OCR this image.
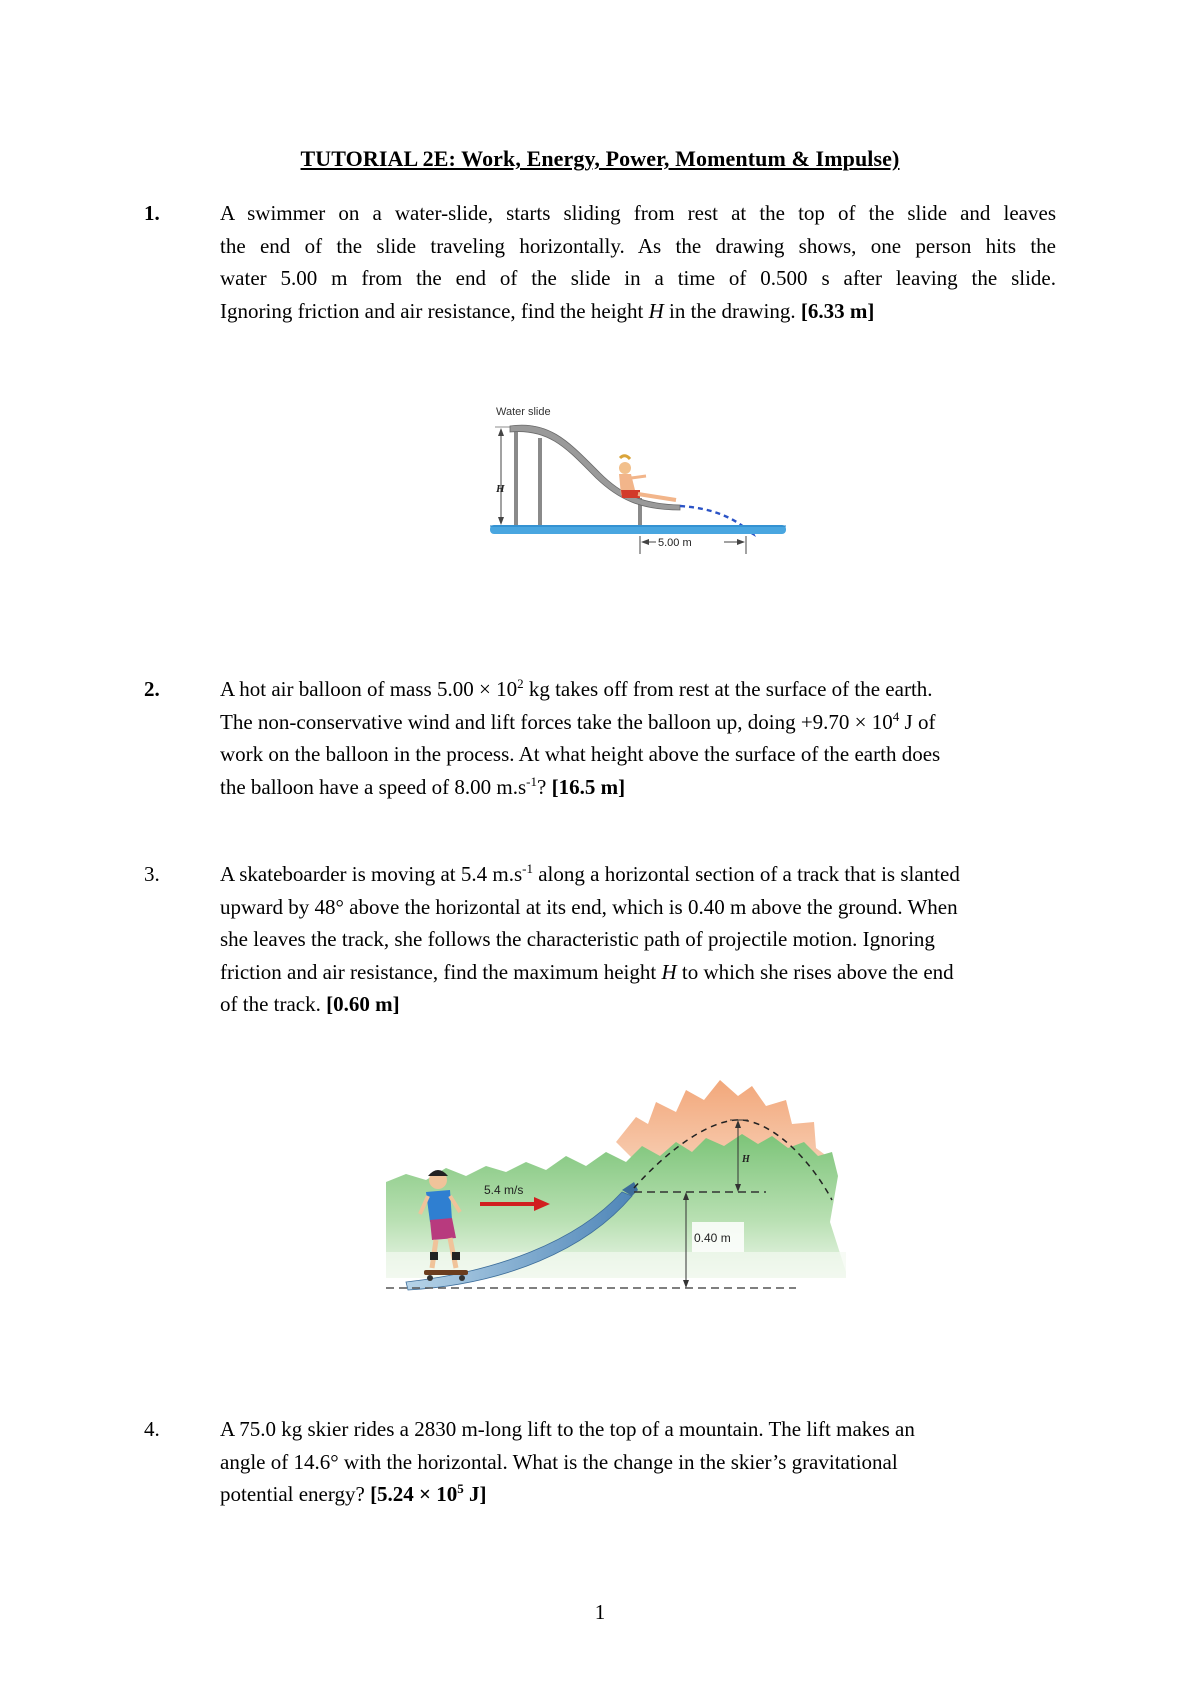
TUTORIAL 2E: Work, Energy, Power, Momentum & Impulse)
1.	A swimmer on a water-slide, starts sliding from rest at the top of the slide and leaves
the end of the slide traveling horizontally. As the drawing shows, one person hits the
water 5.00 m from the end of the slide in a time of 0.500 s after leaving the slide.
Ignoring friction and air resistance, find the height H in the drawing. [6.33 m]
Water slide
H
5.00 m
2.	A hot air balloon of mass $5.00 \times 10^2$ kg takes off from rest at the surface of the earth.
The non-conservative wind and lift forces take the balloon up, doing $+9.70 \times 10^4$ J of
work on the balloon in the process. At what height above the surface of the earth does
the balloon have a speed of 8.00 $m.s^{-1}$? [16.5 m]
3.	A skateboarder is moving at 5.4 $m.s^{-1}$ along a horizontal section of a track that is slanted
upward by 48° above the horizontal at its end, which is 0.40 m above the ground. When
she leaves the track, she follows the characteristic path of projectile motion. Ignoring
friction and air resistance, find the maximum height H to which she rises above the end
of the track. [0.60 m]
H
0.40 m
5.4 m/s
4.	A 75.0 kg skier rides a 2830 m-long lift to the top of a mountain. The lift makes an
angle of 14.6° with the horizontal. What is the change in the skier’s gravitational
potential energy? [$5.24 \times 10^5$ J]
1
